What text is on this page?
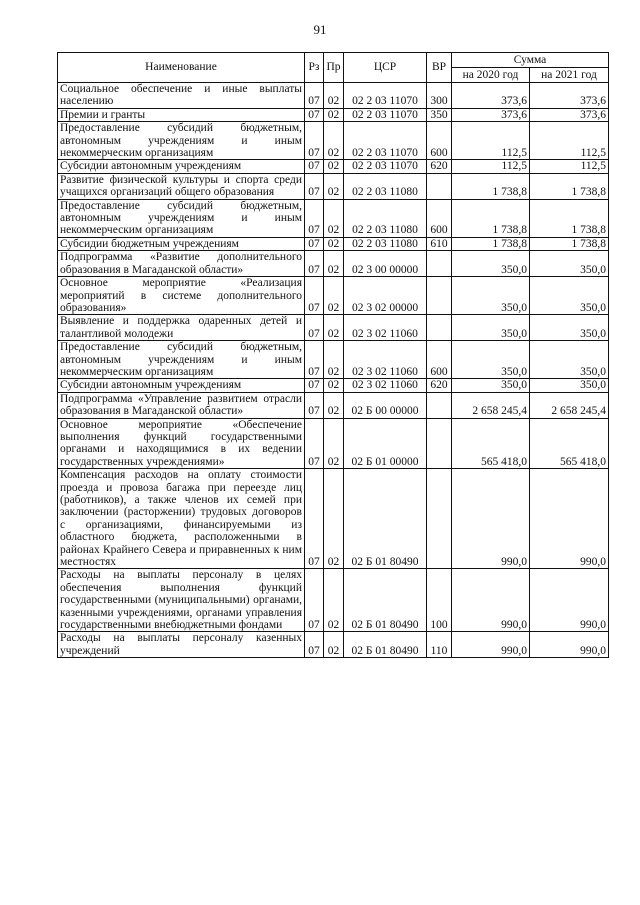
91
Наименование	Рз	Пр	ЦСР	ВР	Сумма	
					на 2020 год	на 2021 год
Социальное обеспечение и иные выплаты населению	07	02	02 2 03 11070	300	373,6	373,6
Премии и гранты	07	02	02 2 03 11070	350	373,6	373,6
Предоставление субсидий бюджетным, автономным учреждениям и иным некоммерческим организациям	07	02	02 2 03 11070	600	112,5	112,5
Субсидии автономным учреждениям	07	02	02 2 03 11070	620	112,5	112,5
Развитие физической культуры и спорта среди учащихся организаций общего образования	07	02	02 2 03 11080		1 738,8	1 738,8
Предоставление субсидий бюджетным, автономным учреждениям и иным некоммерческим организациям	07	02	02 2 03 11080	600	1 738,8	1 738,8
Субсидии бюджетным учреждениям	07	02	02 2 03 11080	610	1 738,8	1 738,8
Подпрограмма «Развитие дополнительного образования в Магаданской области»	07	02	02 3 00 00000		350,0	350,0
Основное мероприятие «Реализация мероприятий в системе дополнительного образования»	07	02	02 3 02 00000		350,0	350,0
Выявление и поддержка одаренных детей и талантливой молодежи	07	02	02 3 02 11060		350,0	350,0
Предоставление субсидий бюджетным, автономным учреждениям и иным некоммерческим организациям	07	02	02 3 02 11060	600	350,0	350,0
Субсидии автономным учреждениям	07	02	02 3 02 11060	620	350,0	350,0
Подпрограмма «Управление развитием отрасли образования в Магаданской области»	07	02	02 Б 00 00000		2 658 245,4	2 658 245,4
Основное мероприятие «Обеспечение выполнения функций государственными органами и находящимися в их ведении государственных учреждениями»	07	02	02 Б 01 00000		565 418,0	565 418,0
Компенсация расходов на оплату стоимости проезда и провоза багажа при переезде лиц (работников), а также членов их семей при заключении (расторжении) трудовых договоров с организациями, финансируемыми из областного бюджета, расположенными в районах Крайнего Севера и приравненных к ним местностях	07	02	02 Б 01 80490		990,0	990,0
Расходы на выплаты персоналу в целях обеспечения выполнения функций государственными (муниципальными) органами, казенными учреждениями, органами управления государственными внебюджетными фондами	07	02	02 Б 01 80490	100	990,0	990,0
Расходы на выплаты персоналу казенных учреждений	07	02	02 Б 01 80490	110	990,0	990,0
